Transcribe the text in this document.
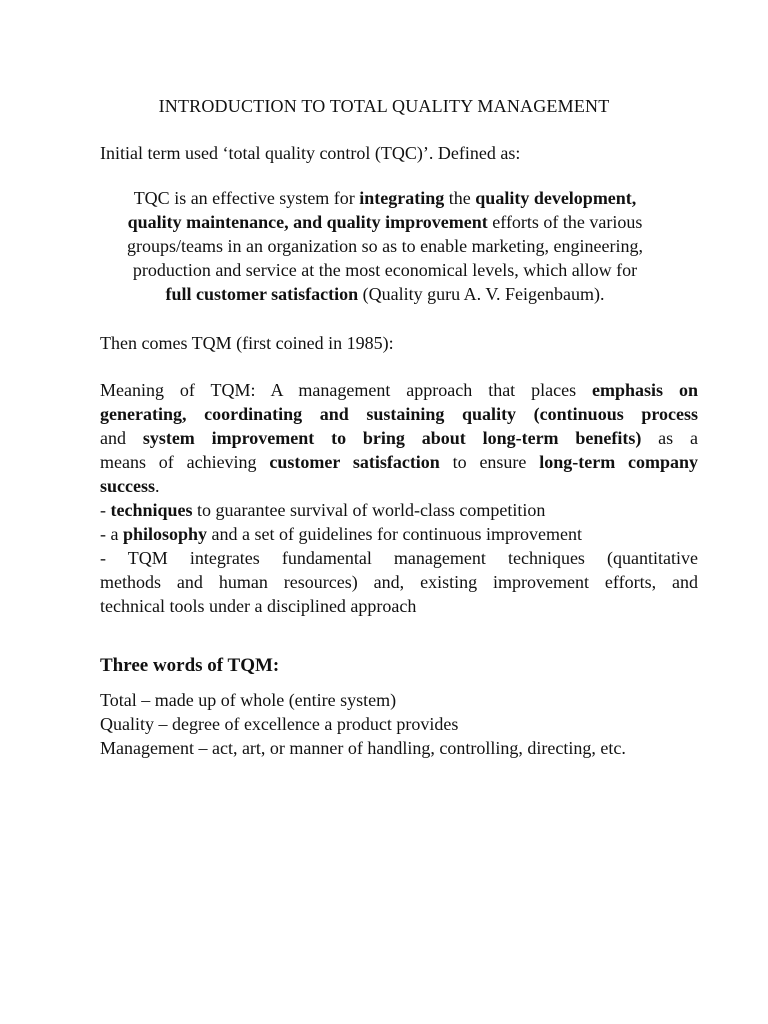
INTRODUCTION TO TOTAL QUALITY MANAGEMENT
Initial term used ‘total quality control (TQC)’. Defined as:
TQC is an effective system for integrating the quality development,
quality maintenance, and quality improvement efforts of the various
groups/teams in an organization so as to enable marketing, engineering,
production and service at the most economical levels, which allow for
full customer satisfaction (Quality guru A. V. Feigenbaum).
Then comes TQM (first coined in 1985):
Meaning of TQM: A management approach that places emphasis on
generating, coordinating and sustaining quality (continuous process
and system improvement to bring about long-term benefits) as a
means of achieving customer satisfaction to ensure long-term company
success.
- techniques to guarantee survival of world-class competition
- a philosophy and a set of guidelines for continuous improvement
- TQM integrates fundamental management techniques (quantitative
methods and human resources) and, existing improvement efforts, and
technical tools under a disciplined approach
Three words of TQM:
Total – made up of whole (entire system)
Quality – degree of excellence a product provides
Management – act, art, or manner of handling, controlling, directing, etc.
